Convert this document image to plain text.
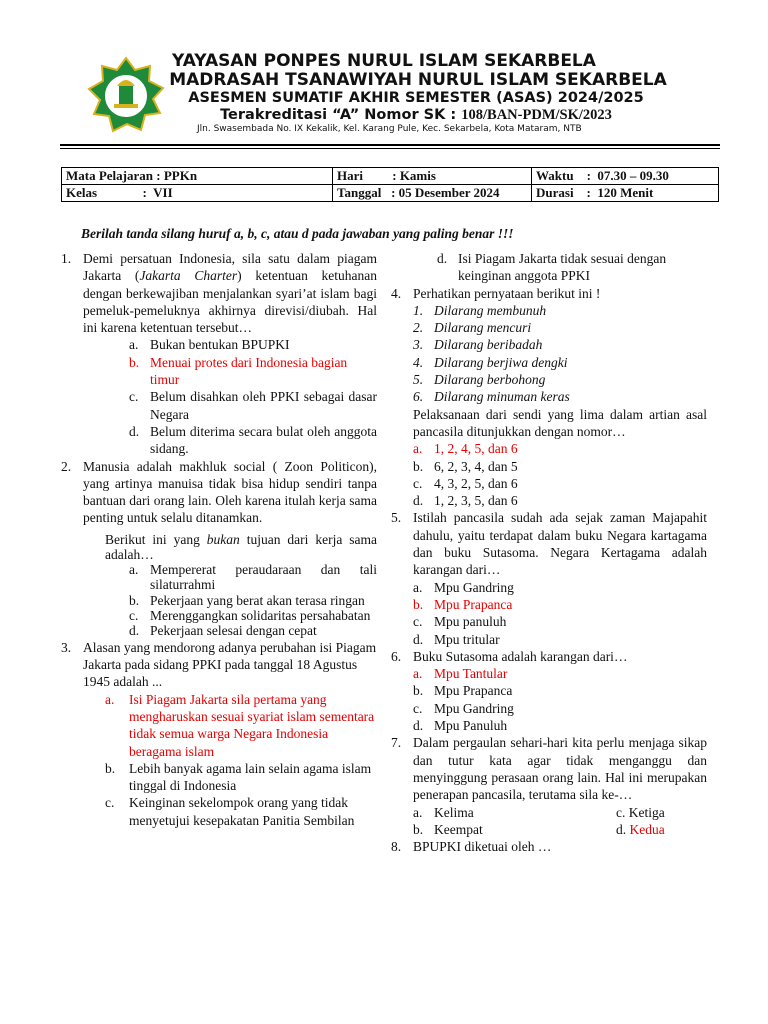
YAYASAN PONPES NURUL ISLAM SEKARBELA
MADRASAH TSANAWIYAH NURUL ISLAM SEKARBELA
ASESMEN SUMATIF AKHIR SEMESTER (ASAS) 2024/2025
Terakreditasi “A” Nomor SK : 108/BAN-PDM/SK/2023
Jln. Swasembada No. IX Kekalik, Kel. Karang Pule, Kec. Sekarbela, Kota Mataram, NTB
Mata Pelajaran : PPKn	Hari         : Kamis	Waktu    :  07.30 – 09.30
Kelas              :  VII	Tanggal   : 05 Desember 2024	Durasi    :  120 Menit
Berilah tanda silang huruf a, b, c, atau d pada jawaban yang paling benar !!!
1. Demi persatuan Indonesia, sila satu dalam piagam Jakarta (Jakarta Charter) ketentuan ketuhanan dengan berkewajiban menjalankan syari’at islam bagi pemeluk-pemeluknya akhirnya direvisi/diubah. Hal ini karena ketentuan tersebut…
a. Bukan bentukan BPUPKI
b. Menuai protes dari Indonesia bagian timur
c. Belum disahkan oleh PPKI sebagai dasar Negara
d. Belum diterima secara bulat oleh anggota sidang.
2. Manusia adalah makhluk social ( Zoon Politicon), yang artinya manuisa tidak bisa hidup sendiri tanpa bantuan dari orang lain. Oleh karena itulah kerja sama penting untuk selalu ditanamkan.
Berikut ini yang bukan tujuan dari kerja sama adalah…
a. Mempererat peraudaraan dan tali silaturrahmi
b. Pekerjaan yang berat akan terasa ringan
c. Merenggangkan solidaritas persahabatan
d. Pekerjaan selesai dengan cepat
3. Alasan yang mendorong adanya perubahan isi Piagam Jakarta pada sidang PPKI pada tanggal 18 Agustus 1945 adalah ...
a. Isi Piagam Jakarta sila pertama yang mengharuskan sesuai syariat islam sementara tidak semua warga Negara Indonesia beragama islam
b. Lebih banyak agama lain selain agama islam tinggal di Indonesia
c. Keinginan sekelompok orang yang tidak menyetujui kesepakatan Panitia Sembilan
d. Isi Piagam Jakarta tidak sesuai dengan keinginan anggota PPKI
4. Perhatikan pernyataan berikut ini !
1. Dilarang membunuh
2. Dilarang mencuri
3. Dilarang beribadah
4. Dilarang berjiwa dengki
5. Dilarang berbohong
6. Dilarang minuman keras
Pelaksanaan dari sendi yang lima dalam artian asal pancasila ditunjukkan dengan nomor…
a. 1, 2, 4, 5, dan 6
b. 6, 2, 3, 4, dan 5
c. 4, 3, 2, 5, dan 6
d. 1, 2, 3, 5, dan 6
5. Istilah pancasila sudah ada sejak zaman Majapahit dahulu, yaitu terdapat dalam buku Negara kartagama dan buku Sutasoma. Negara Kertagama adalah karangan dari…
a. Mpu Gandring
b. Mpu Prapanca
c. Mpu panuluh
d. Mpu tritular
6. Buku Sutasoma adalah karangan dari…
a. Mpu Tantular
b. Mpu Prapanca
c. Mpu Gandring
d. Mpu Panuluh
7. Dalam pergaulan sehari-hari kita perlu menjaga sikap dan tutur kata agar tidak menganggu dan menyinggung perasaan orang lain. Hal ini merupakan penerapan pancasila, terutama sila ke-…
a. Kelima	c. Ketiga
b. Keempat	d. Kedua
8. BPUPKI diketuai oleh …
